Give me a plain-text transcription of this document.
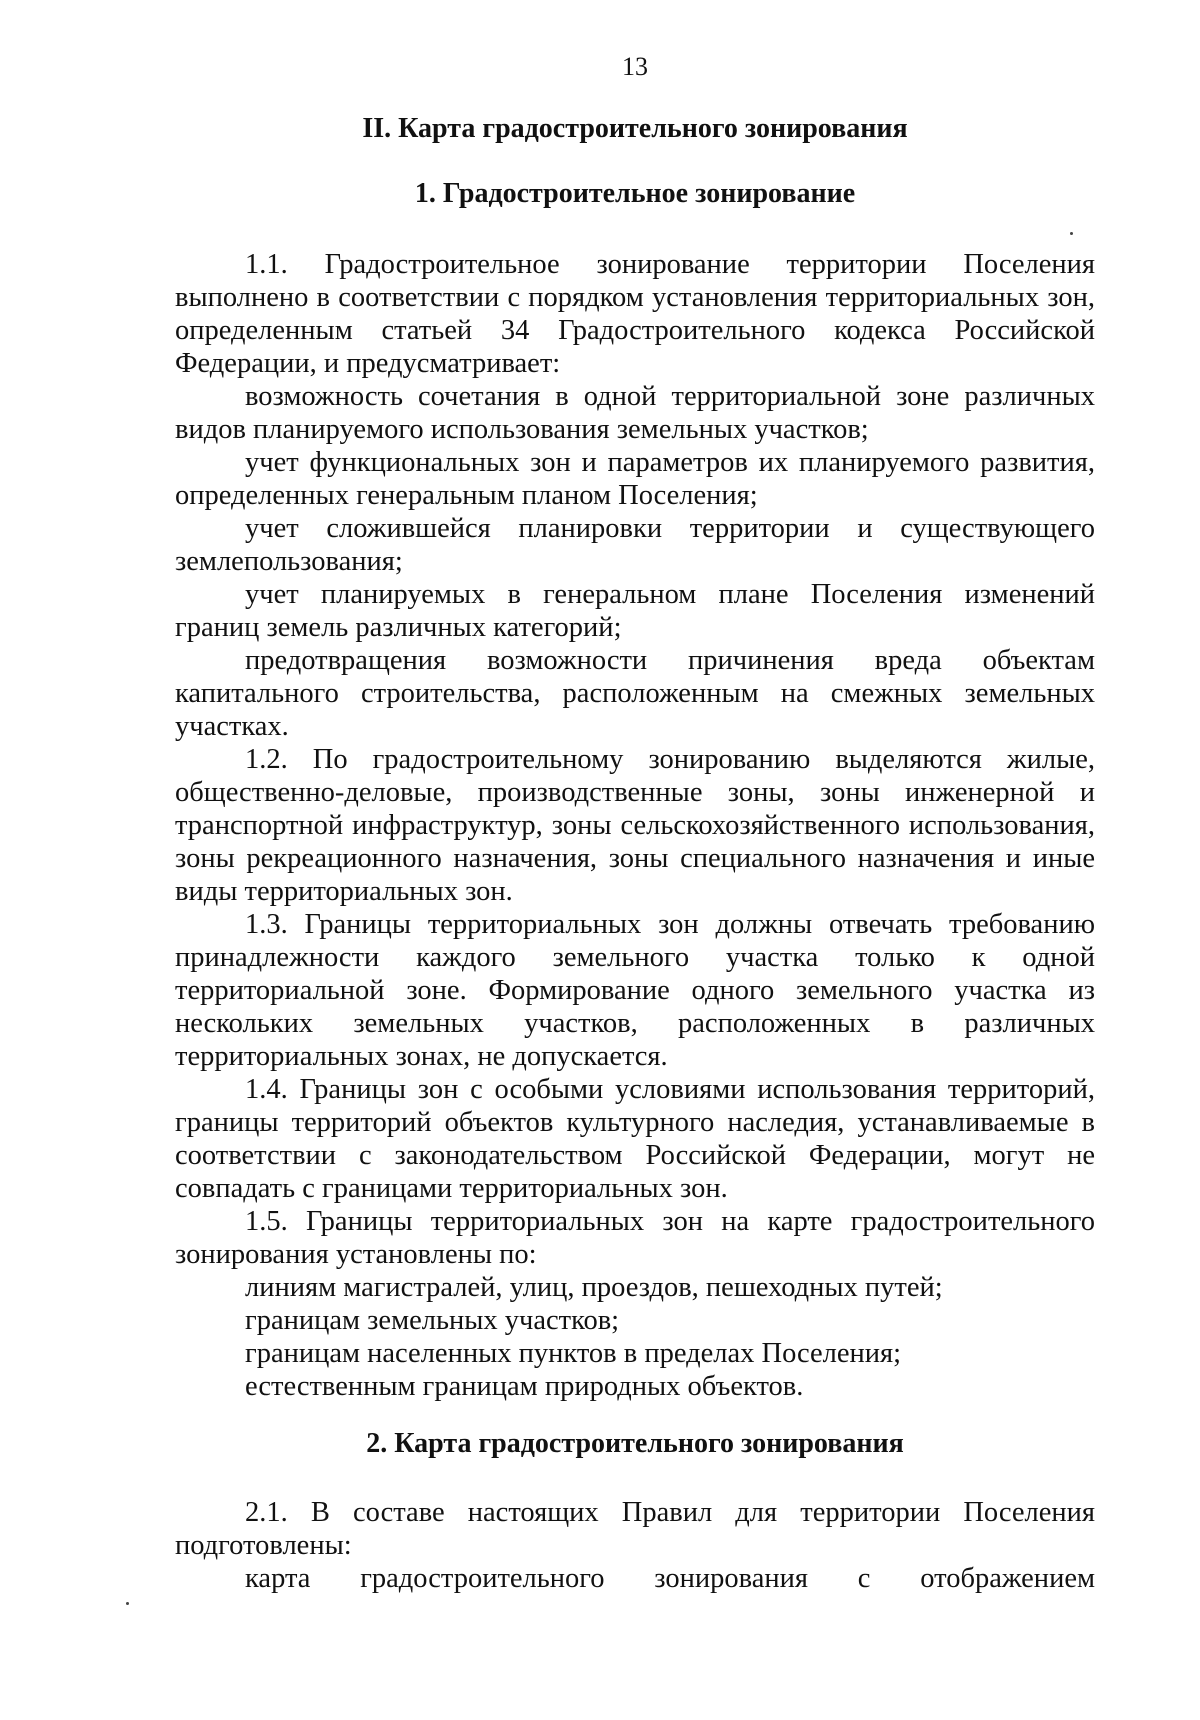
13
II. Карта градостроительного зонирования
1. Градостроительное зонирование

1.1. Градостроительное зонирование территории Поселения выполнено в соответствии с порядком установления территориальных зон, определенным статьей 34 Градостроительного кодекса Российской Федерации, и предусматривает:

возможность сочетания в одной территориальной зоне различных видов планируемого использования земельных участков;

учет функциональных зон и параметров их планируемого развития, определенных генеральным планом Поселения;

учет сложившейся планировки территории и существующего землепользования;

учет планируемых в генеральном плане Поселения изменений границ земель различных категорий;

предотвращения возможности причинения вреда объектам капитального строительства, расположенным на смежных земельных участках.

1.2. По градостроительному зонированию выделяются жилые, общественно-деловые, производственные зоны, зоны инженерной и транспортной инфраструктур, зоны сельскохозяйственного использования, зоны рекреационного назначения, зоны специального назначения и иные виды территориальных зон.

1.3. Границы территориальных зон должны отвечать требованию принадлежности каждого земельного участка только к одной территориальной зоне. Формирование одного земельного участка из нескольких земельных участков, расположенных в различных территориальных зонах, не допускается.

1.4. Границы зон с особыми условиями использования территорий, границы территорий объектов культурного наследия, устанавливаемые в соответствии с законодательством Российской Федерации, могут не совпадать с границами территориальных зон.

1.5. Границы территориальных зон на карте градостроительного зонирования установлены по:

линиям магистралей, улиц, проездов, пешеходных путей;

границам земельных участков;

границам населенных пунктов в пределах Поселения;

естественным границам природных объектов.

2. Карта градостроительного зонирования

2.1. В составе настоящих Правил для территории Поселения подготовлены:

карта градостроительного зонирования с отображением
